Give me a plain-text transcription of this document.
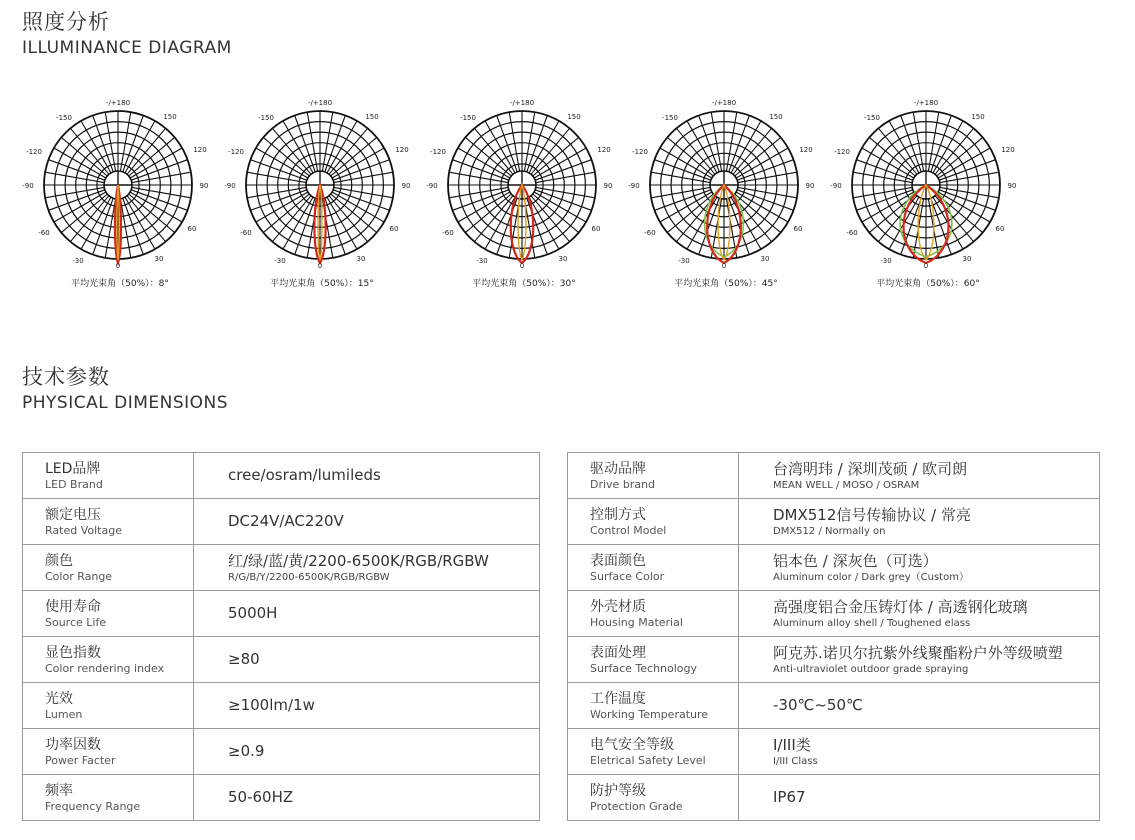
照度分析
ILLUMINANCE DIAGRAM
-/+180
-150	150
-120	120
-90	90
-60	60
-30	30
0
平均光束角（50%）：8°
-/+180
-150	150
-120	120
-90	90
-60	60
-30	30
0
平均光束角（50%）：15°
-/+180
-150	150
-120	120
-90	90
-60	60
-30	30
0
平均光束角（50%）：30°
-/+180
-150	150
-120	120
-90	90
-60	60
-30	30
0
平均光束角（50%）：45°
-/+180
-150	150
-120	120
-90	90
-60	60
-30	30
0
平均光束角（50%）：60°
技术参数
PHYSICAL DIMENSIONS
LED品牌
LED Brand	cree/osram/lumileds

额定电压
Rated Voltage	DC24V/AC220V

颜色
Color Range	红/绿/蓝/黄/2200-6500K/RGB/RGBW
R/G/B/Y/2200-6500K/RGB/RGBW

使用寿命
Source Life	5000H

显色指数
Color rendering index	≥80

光效
Lumen	≥100lm/1w

功率因数
Power Facter	≥0.9

频率
Frequency Range	50-60HZ
驱动品牌
Drive brand	台湾明玮 / 深圳茂硕 / 欧司朗
MEAN WELL / MOSO / OSRAM

控制方式
Control Model	DMX512信号传输协议 / 常亮
DMX512 / Normally on

表面颜色
Surface Color	铝本色 / 深灰色（可选）
Aluminum color / Dark grey（Custom）

外壳材质
Housing Material	高强度铝合金压铸灯体 / 高透钢化玻璃
Aluminum alloy shell / Toughened elass

表面处理
Surface Technology	阿克苏.诺贝尔抗紫外线聚酯粉户外等级喷塑
Anti-ultraviolet outdoor grade spraying

工作温度
Working Temperature	-30℃~50℃

电气安全等级
Eletrical Safety Level	I/III类
I/III Class

防护等级
Protection Grade	IP67
